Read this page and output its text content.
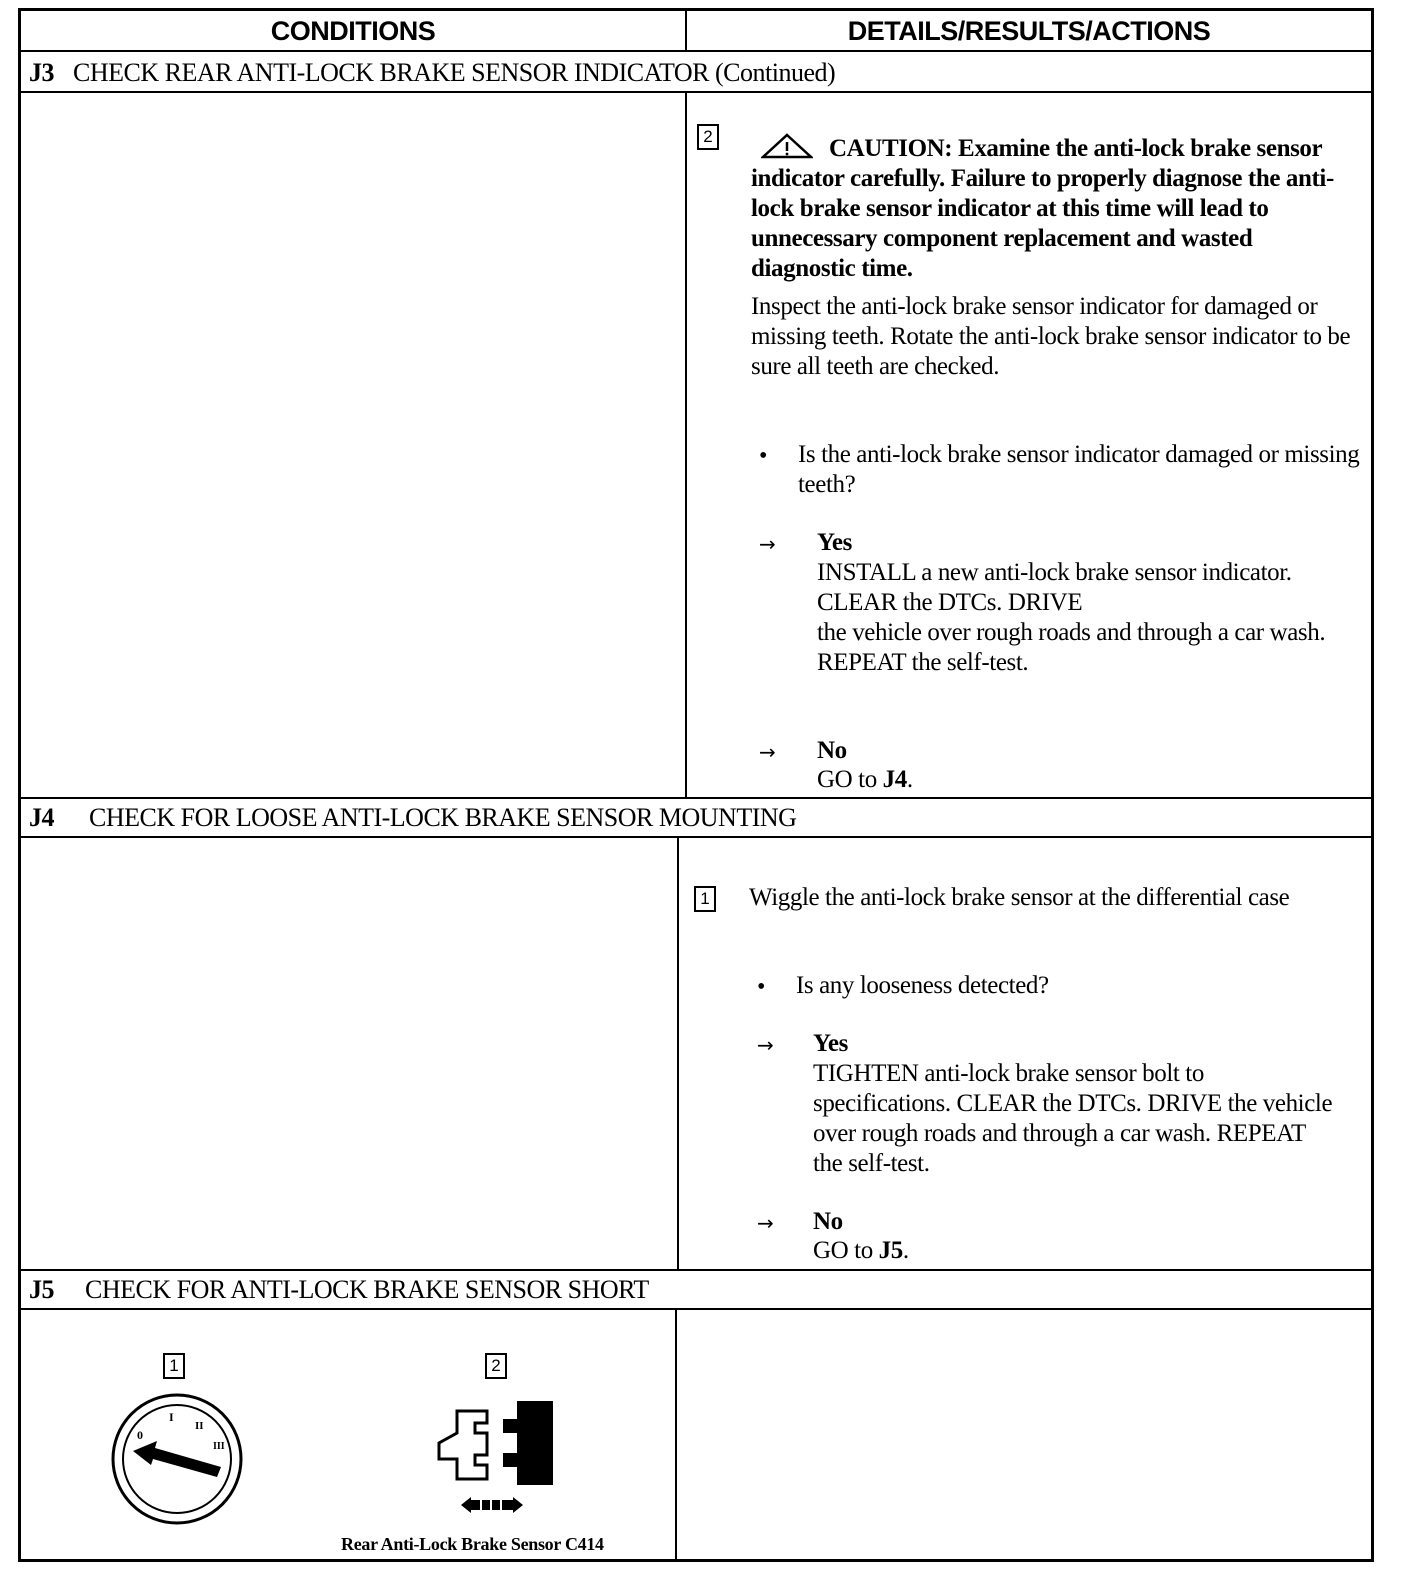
CONDITIONS	DETAILS/RESULTS/ACTIONS
J3 CHECK REAR ANTI-LOCK BRAKE SENSOR INDICATOR (Continued)
2	CAUTION: Examine the anti-lock brake sensor indicator carefully. Failure to properly diagnose the anti-lock brake sensor indicator at this time will lead to unnecessary component replacement and wasted diagnostic time.
Inspect the anti-lock brake sensor indicator for damaged or missing teeth. Rotate the anti-lock brake sensor indicator to be sure all teeth are checked.
• Is the anti-lock brake sensor indicator damaged or missing teeth?
→ Yes
INSTALL a new anti-lock brake sensor indicator.
CLEAR the DTCs. DRIVE
the vehicle over rough roads and through a car wash. REPEAT the self-test.
→ No
GO to J4.
J4 CHECK FOR LOOSE ANTI-LOCK BRAKE SENSOR MOUNTING
1 Wiggle the anti-lock brake sensor at the differential case
• Is any looseness detected?
→ Yes
TIGHTEN anti-lock brake sensor bolt to specifications. CLEAR the DTCs. DRIVE the vehicle over rough roads and through a car wash. REPEAT the self-test.
→ No
GO to J5.
J5 CHECK FOR ANTI-LOCK BRAKE SENSOR SHORT
1
0
I
II
III
2
Rear Anti-Lock Brake Sensor C414
